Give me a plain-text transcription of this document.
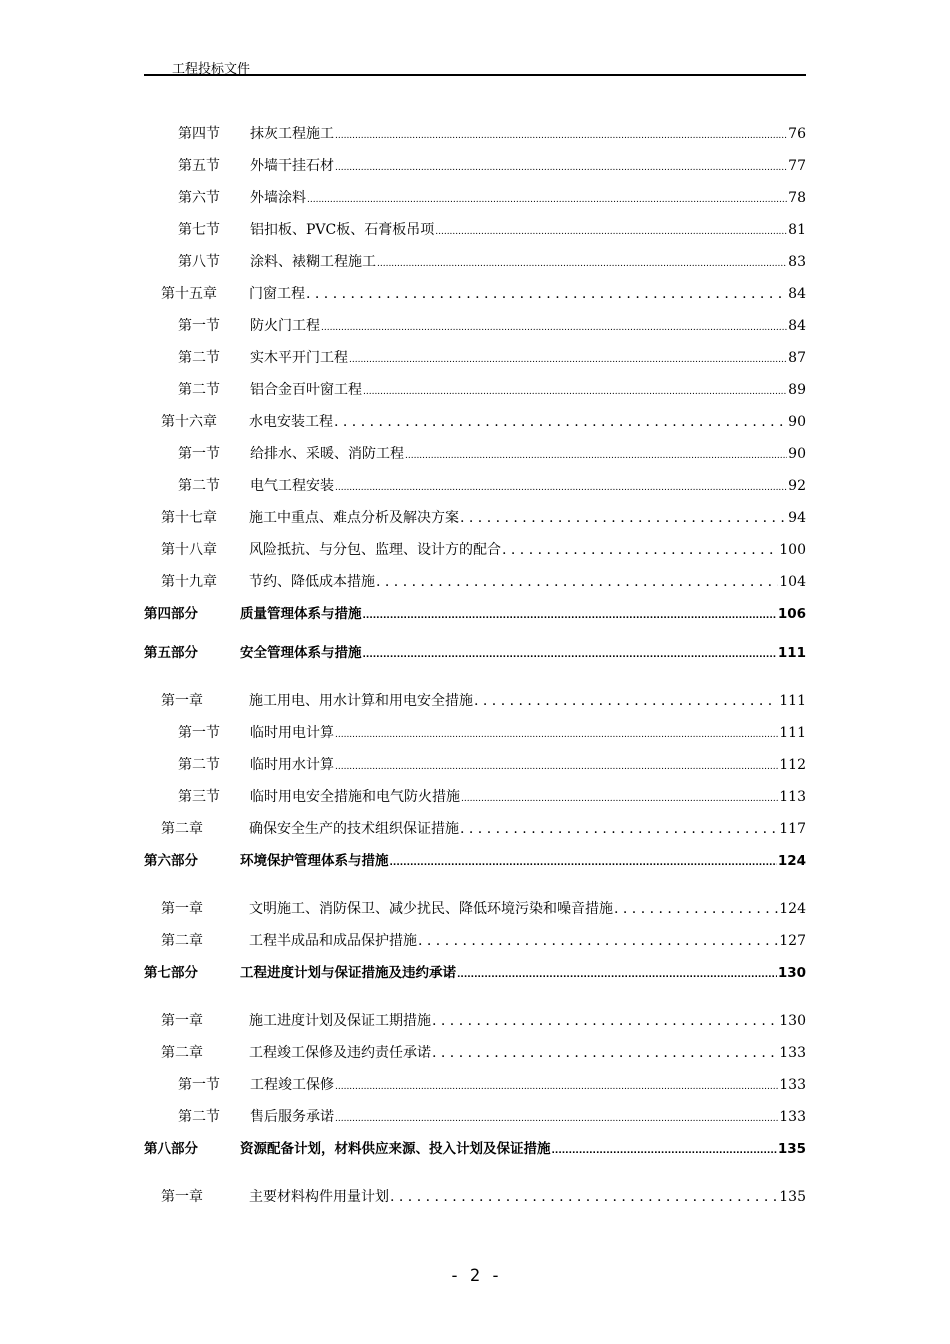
工程投标文件
第四节	抹灰工程施工 .....	76
第五节	外墙干挂石材 .....	77
第六节	外墙涂料 .....	78
第七节	铝扣板、PVC板、石膏板吊项 .....	81
第八节	涂料、裱糊工程施工 .....	83
第十五章	门窗工程 . . .	84
第一节	防火门工程 .....	84
第二节	实木平开门工程 .....	87
第二节	铝合金百叶窗工程 .....	89
第十六章	水电安装工程 . . .	90
第一节	给排水、采暖、消防工程 .....	90
第二节	电气工程安装 .....	92
第十七章	施工中重点、难点分析及解决方案 . . .	94
第十八章	风险抵抗、与分包、监理、设计方的配合 . . .	100
第十九章	节约、降低成本措施 . . .	104
第四部分	质量管理体系与措施 .....	106
第五部分	安全管理体系与措施 .....	111
第一章	施工用电、用水计算和用电安全措施 . . .	111
第一节	临时用电计算 .....	111
第二节	临时用水计算 .....	112
第三节	临时用电安全措施和电气防火措施 .....	113
第二章	确保安全生产的技术组织保证措施 . . .	117
第六部分	环境保护管理体系与措施 .....	124
第一章	文明施工、消防保卫、减少扰民、降低环境污染和噪音措施 . . .	124
第二章	工程半成品和成品保护措施 . . .	127
第七部分	工程进度计划与保证措施及违约承诺 .....	130
第一章	施工进度计划及保证工期措施 . . .	130
第二章	工程竣工保修及违约责任承诺 . . .	133
第一节	工程竣工保修 .....	133
第二节	售后服务承诺 .....	133
第八部分	资源配备计划，材料供应来源、投入计划及保证措施 .....	135
第一章	主要材料构件用量计划 . . .	135
- 2 -
